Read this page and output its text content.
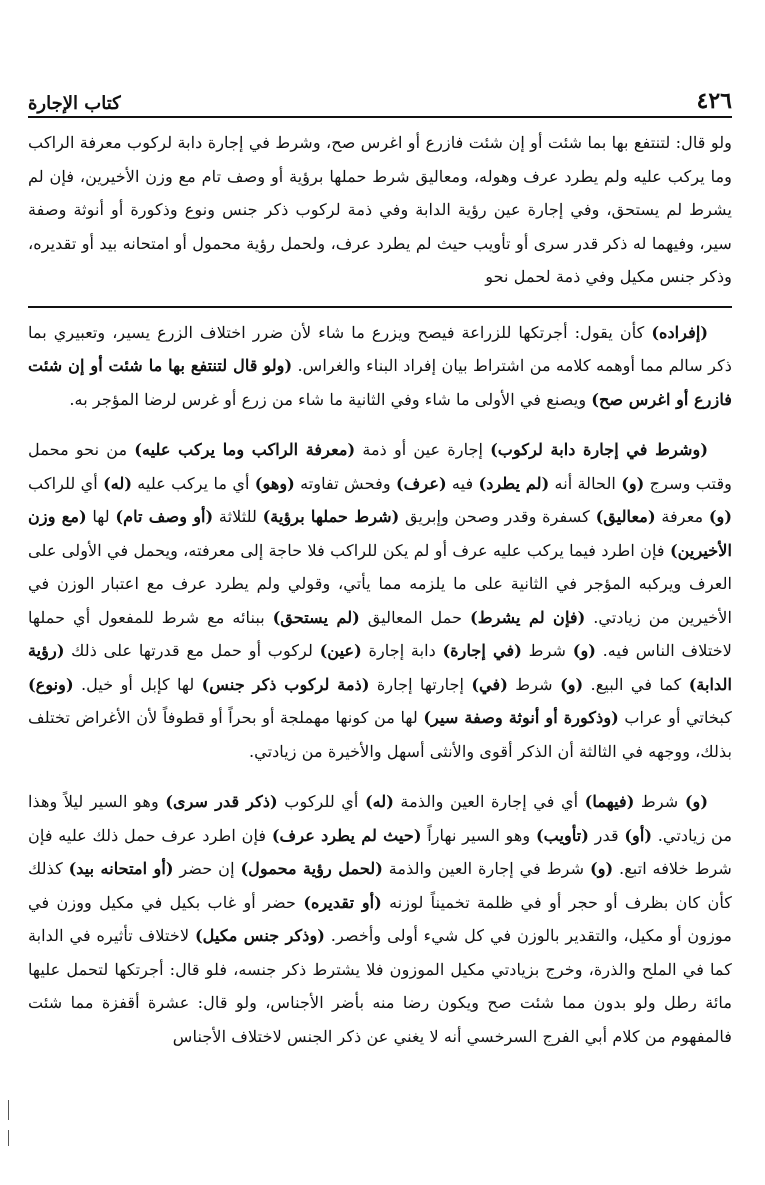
٤٢٦
كتاب الإجارة

ولو قال: لتنتفع بها بما شئت أو إن شئت فازرع أو اغرس صح، وشرط في إجارة دابة لركوب معرفة الراكب وما يركب عليه ولم يطرد عرف وهوله، ومعاليق شرط حملها برؤية أو وصف تام مع وزن الأخيرين، فإن لم يشرط لم يستحق، وفي إجارة عين رؤية الدابة وفي ذمة لركوب ذكر جنس ونوع وذكورة أو أنوثة وصفة سير، وفيهما له ذكر قدر سرى أو تأويب حيث لم يطرد عرف، ولحمل رؤية محمول أو امتحانه بيد أو تقديره، وذكر جنس مكيل وفي ذمة لحمل نحو

(إفراده) كأن يقول: أجرتكها للزراعة فيصح ويزرع ما شاء لأن ضرر اختلاف الزرع يسير، وتعبيري بما ذكر سالم مما أوهمه كلامه من اشتراط بيان إفراد البناء والغراس. (ولو قال لتنتفع بها ما شئت أو إن شئت فازرع أو اغرس صح) ويصنع في الأولى ما شاء وفي الثانية ما شاء من زرع أو غرس لرضا المؤجر به.

(وشرط في إجارة دابة لركوب) إجارة عين أو ذمة (معرفة الراكب وما يركب عليه) من نحو محمل وقتب وسرج (و) الحالة أنه (لم يطرد) فيه (عرف) وفحش تفاوته (وهو) أي ما يركب عليه (له) أي للراكب (و) معرفة (معاليق) كسفرة وقدر وصحن وإبريق (شرط حملها برؤية) للثلاثة (أو وصف تام) لها (مع وزن الأخيرين) فإن اطرد فيما يركب عليه عرف أو لم يكن للراكب فلا حاجة إلى معرفته، ويحمل في الأولى على العرف ويركبه المؤجر في الثانية على ما يلزمه مما يأتي، وقولي ولم يطرد عرف مع اعتبار الوزن في الأخيرين من زيادتي. (فإن لم يشرط) حمل المعاليق (لم يستحق) ببنائه مع شرط للمفعول أي حملها لاختلاف الناس فيه. (و) شرط (في إجارة) دابة إجارة (عين) لركوب أو حمل مع قدرتها على ذلك (رؤية الدابة) كما في البيع. (و) شرط (في) إجارتها إجارة (ذمة لركوب ذكر جنس) لها كإبل أو خيل. (ونوع) كبخاتي أو عراب (وذكورة أو أنوثة وصفة سير) لها من كونها مهملجة أو بحراً أو قطوفاً لأن الأغراض تختلف بذلك، ووجهه في الثالثة أن الذكر أقوى والأنثى أسهل والأخيرة من زيادتي.

(و) شرط (فيهما) أي في إجارة العين والذمة (له) أي للركوب (ذكر قدر سرى) وهو السير ليلاً وهذا من زيادتي. (أو) قدر (تأويب) وهو السير نهاراً (حيث لم يطرد عرف) فإن اطرد عرف حمل ذلك عليه فإن شرط خلافه اتبع. (و) شرط في إجارة العين والذمة (لحمل رؤية محمول) إن حضر (أو امتحانه بيد) كذلك كأن كان بظرف أو حجر أو في ظلمة تخميناً لوزنه (أو تقديره) حضر أو غاب بكيل في مكيل ووزن في موزون أو مكيل، والتقدير بالوزن في كل شيء أولى وأخصر. (وذكر جنس مكيل) لاختلاف تأثيره في الدابة كما في الملح والذرة، وخرج بزيادتي مكيل الموزون فلا يشترط ذكر جنسه، فلو قال: أجرتكها لتحمل عليها مائة رطل ولو بدون مما شئت صح ويكون رضا منه بأضر الأجناس، ولو قال: عشرة أقفزة مما شئت فالمفهوم من كلام أبي الفرج السرخسي أنه لا يغني عن ذكر الجنس لاختلاف الأجناس
